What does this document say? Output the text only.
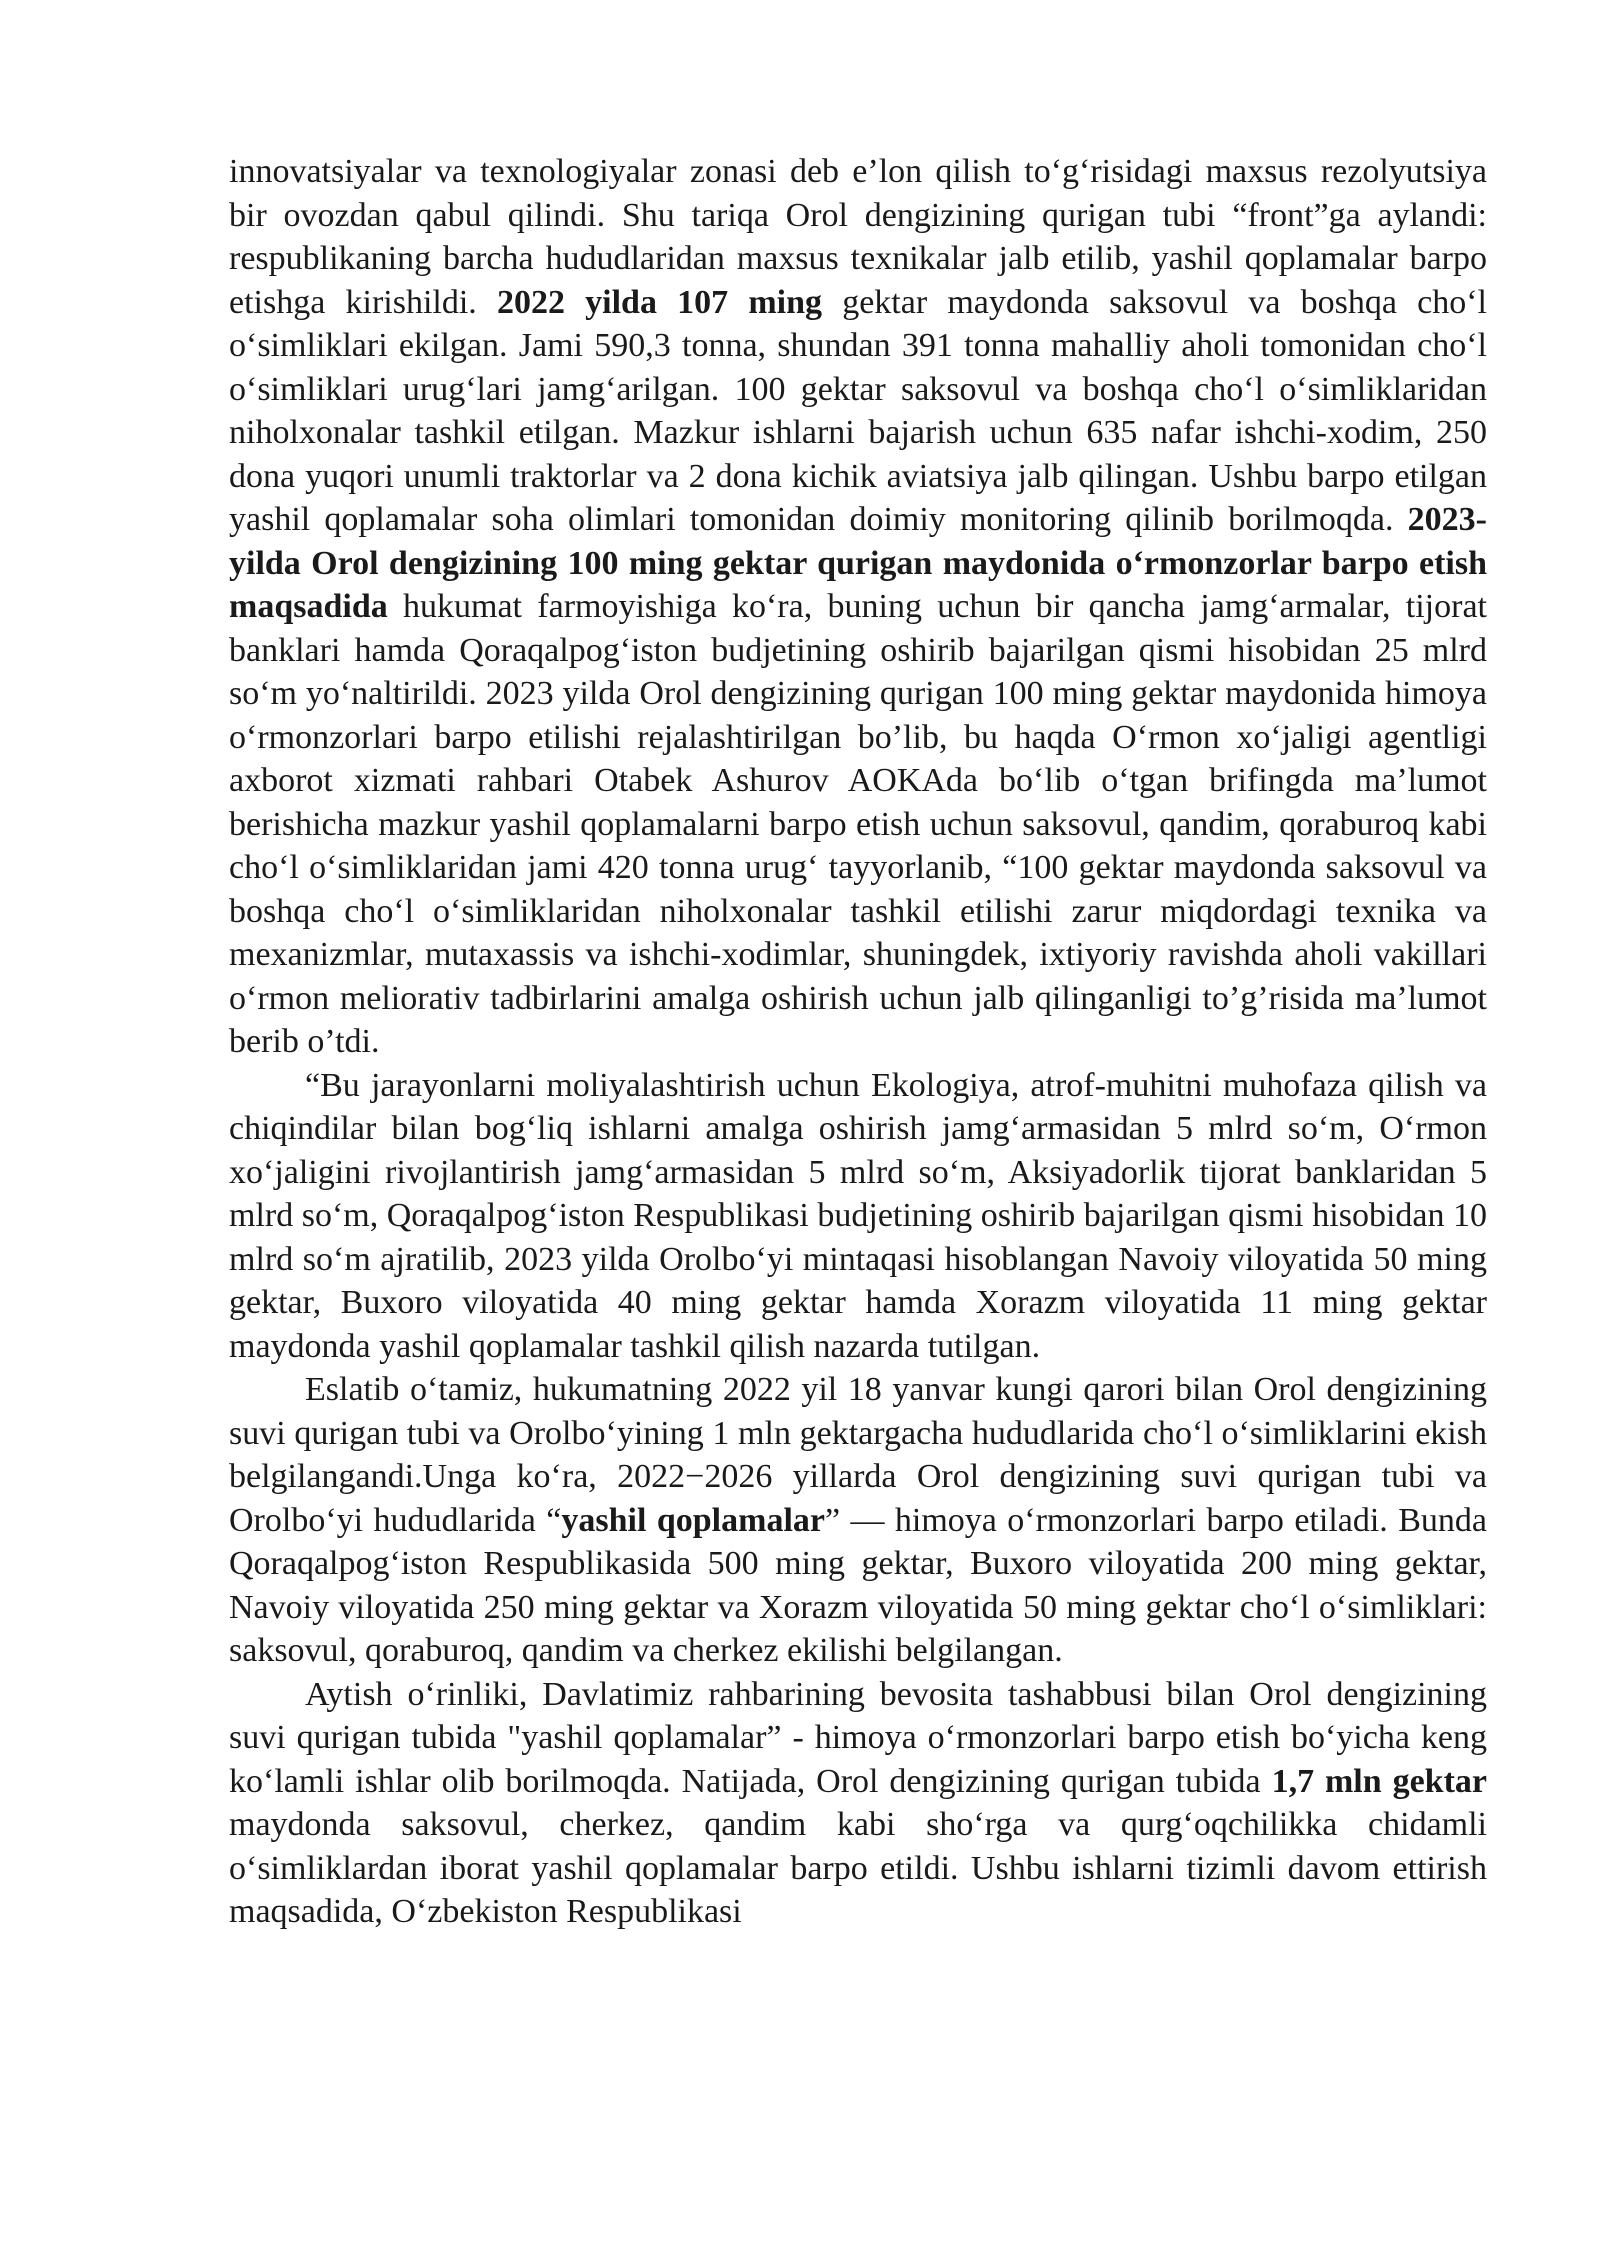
innovatsiyalar va texnologiyalar zonasi deb e’lon qilish to‘g‘risidagi maxsus rezolyutsiya bir ovozdan qabul qilindi. Shu tariqa Orol dengizining qurigan tubi “front”ga aylandi: respublikaning barcha hududlaridan maxsus texnikalar jalb etilib, yashil qoplamalar barpo etishga kirishildi. 2022 yilda 107 ming gektar maydonda saksovul va boshqa cho‘l o‘simliklari ekilgan. Jami 590,3 tonna, shundan 391 tonna mahalliy aholi tomonidan cho‘l o‘simliklari urug‘lari jamg‘arilgan. 100 gektar saksovul va boshqa cho‘l o‘simliklaridan niholxonalar tashkil etilgan. Mazkur ishlarni bajarish uchun 635 nafar ishchi-xodim, 250 dona yuqori unumli traktorlar va 2 dona kichik aviatsiya jalb qilingan. Ushbu barpo etilgan yashil qoplamalar soha olimlari tomonidan doimiy monitoring qilinib borilmoqda. 2023-yilda Orol dengizining 100 ming gektar qurigan maydonida o‘rmonzorlar barpo etish maqsadida hukumat farmoyishiga ko‘ra, buning uchun bir qancha jamg‘armalar, tijorat banklari hamda Qoraqalpog‘iston budjetining oshirib bajarilgan qismi hisobidan 25 mlrd so‘m yo‘naltirildi. 2023 yilda Orol dengizining qurigan 100 ming gektar maydonida himoya o‘rmonzorlari barpo etilishi rejalashtirilgan bo’lib, bu haqda O‘rmon xo‘jaligi agentligi axborot xizmati rahbari Otabek Ashurov AOKAda bo‘lib o‘tgan brifingda ma’lumot berishicha mazkur yashil qoplamalarni barpo etish uchun saksovul, qandim, qoraburoq kabi cho‘l o‘simliklaridan jami 420 tonna urug‘ tayyorlanib, “100 gektar maydonda saksovul va boshqa cho‘l o‘simliklaridan niholxonalar tashkil etilishi zarur miqdordagi texnika va mexanizmlar, mutaxassis va ishchi-xodimlar, shuningdek, ixtiyoriy ravishda aholi vakillari o‘rmon meliorativ tadbirlarini amalga oshirish uchun jalb qilinganligi to’g’risida ma’lumot berib o’tdi.

“Bu jarayonlarni moliyalashtirish uchun Ekologiya, atrof-muhitni muhofaza qilish va chiqindilar bilan bog‘liq ishlarni amalga oshirish jamg‘armasidan 5 mlrd so‘m, O‘rmon xo‘jaligini rivojlantirish jamg‘armasidan 5 mlrd so‘m, Aksiyadorlik tijorat banklaridan 5 mlrd so‘m, Qoraqalpog‘iston Respublikasi budjetining oshirib bajarilgan qismi hisobidan 10 mlrd so‘m ajratilib, 2023 yilda Orolbo‘yi mintaqasi hisoblangan Navoiy viloyatida 50 ming gektar, Buxoro viloyatida 40 ming gektar hamda Xorazm viloyatida 11 ming gektar maydonda yashil qoplamalar tashkil qilish nazarda tutilgan.

Eslatib o‘tamiz, hukumatning 2022 yil 18 yanvar kungi qarori bilan Orol dengizining suvi qurigan tubi va Orolbo‘yining 1 mln gektargacha hududlarida cho‘l o‘simliklarini ekish belgilangandi.Unga ko‘ra, 2022−2026 yillarda Orol dengizining suvi qurigan tubi va Orolbo‘yi hududlarida “yashil qoplamalar” — himoya o‘rmonzorlari barpo etiladi. Bunda Qoraqalpog‘iston Respublikasida 500 ming gektar, Buxoro viloyatida 200 ming gektar, Navoiy viloyatida 250 ming gektar va Xorazm viloyatida 50 ming gektar cho‘l o‘simliklari: saksovul, qoraburoq, qandim va cherkez ekilishi belgilangan.

Aytish o‘rinliki, Davlatimiz rahbarining bevosita tashabbusi bilan Orol dengizining suvi qurigan tubida "yashil qoplamalar” - himoya o‘rmonzorlari barpo etish bo‘yicha keng ko‘lamli ishlar olib borilmoqda. Natijada, Orol dengizining qurigan tubida 1,7 mln gektar maydonda saksovul, cherkez, qandim kabi sho‘rga va qurg‘oqchilikka chidamli o‘simliklardan iborat yashil qoplamalar barpo etildi. Ushbu ishlarni tizimli davom ettirish maqsadida, O‘zbekiston Respublikasi
